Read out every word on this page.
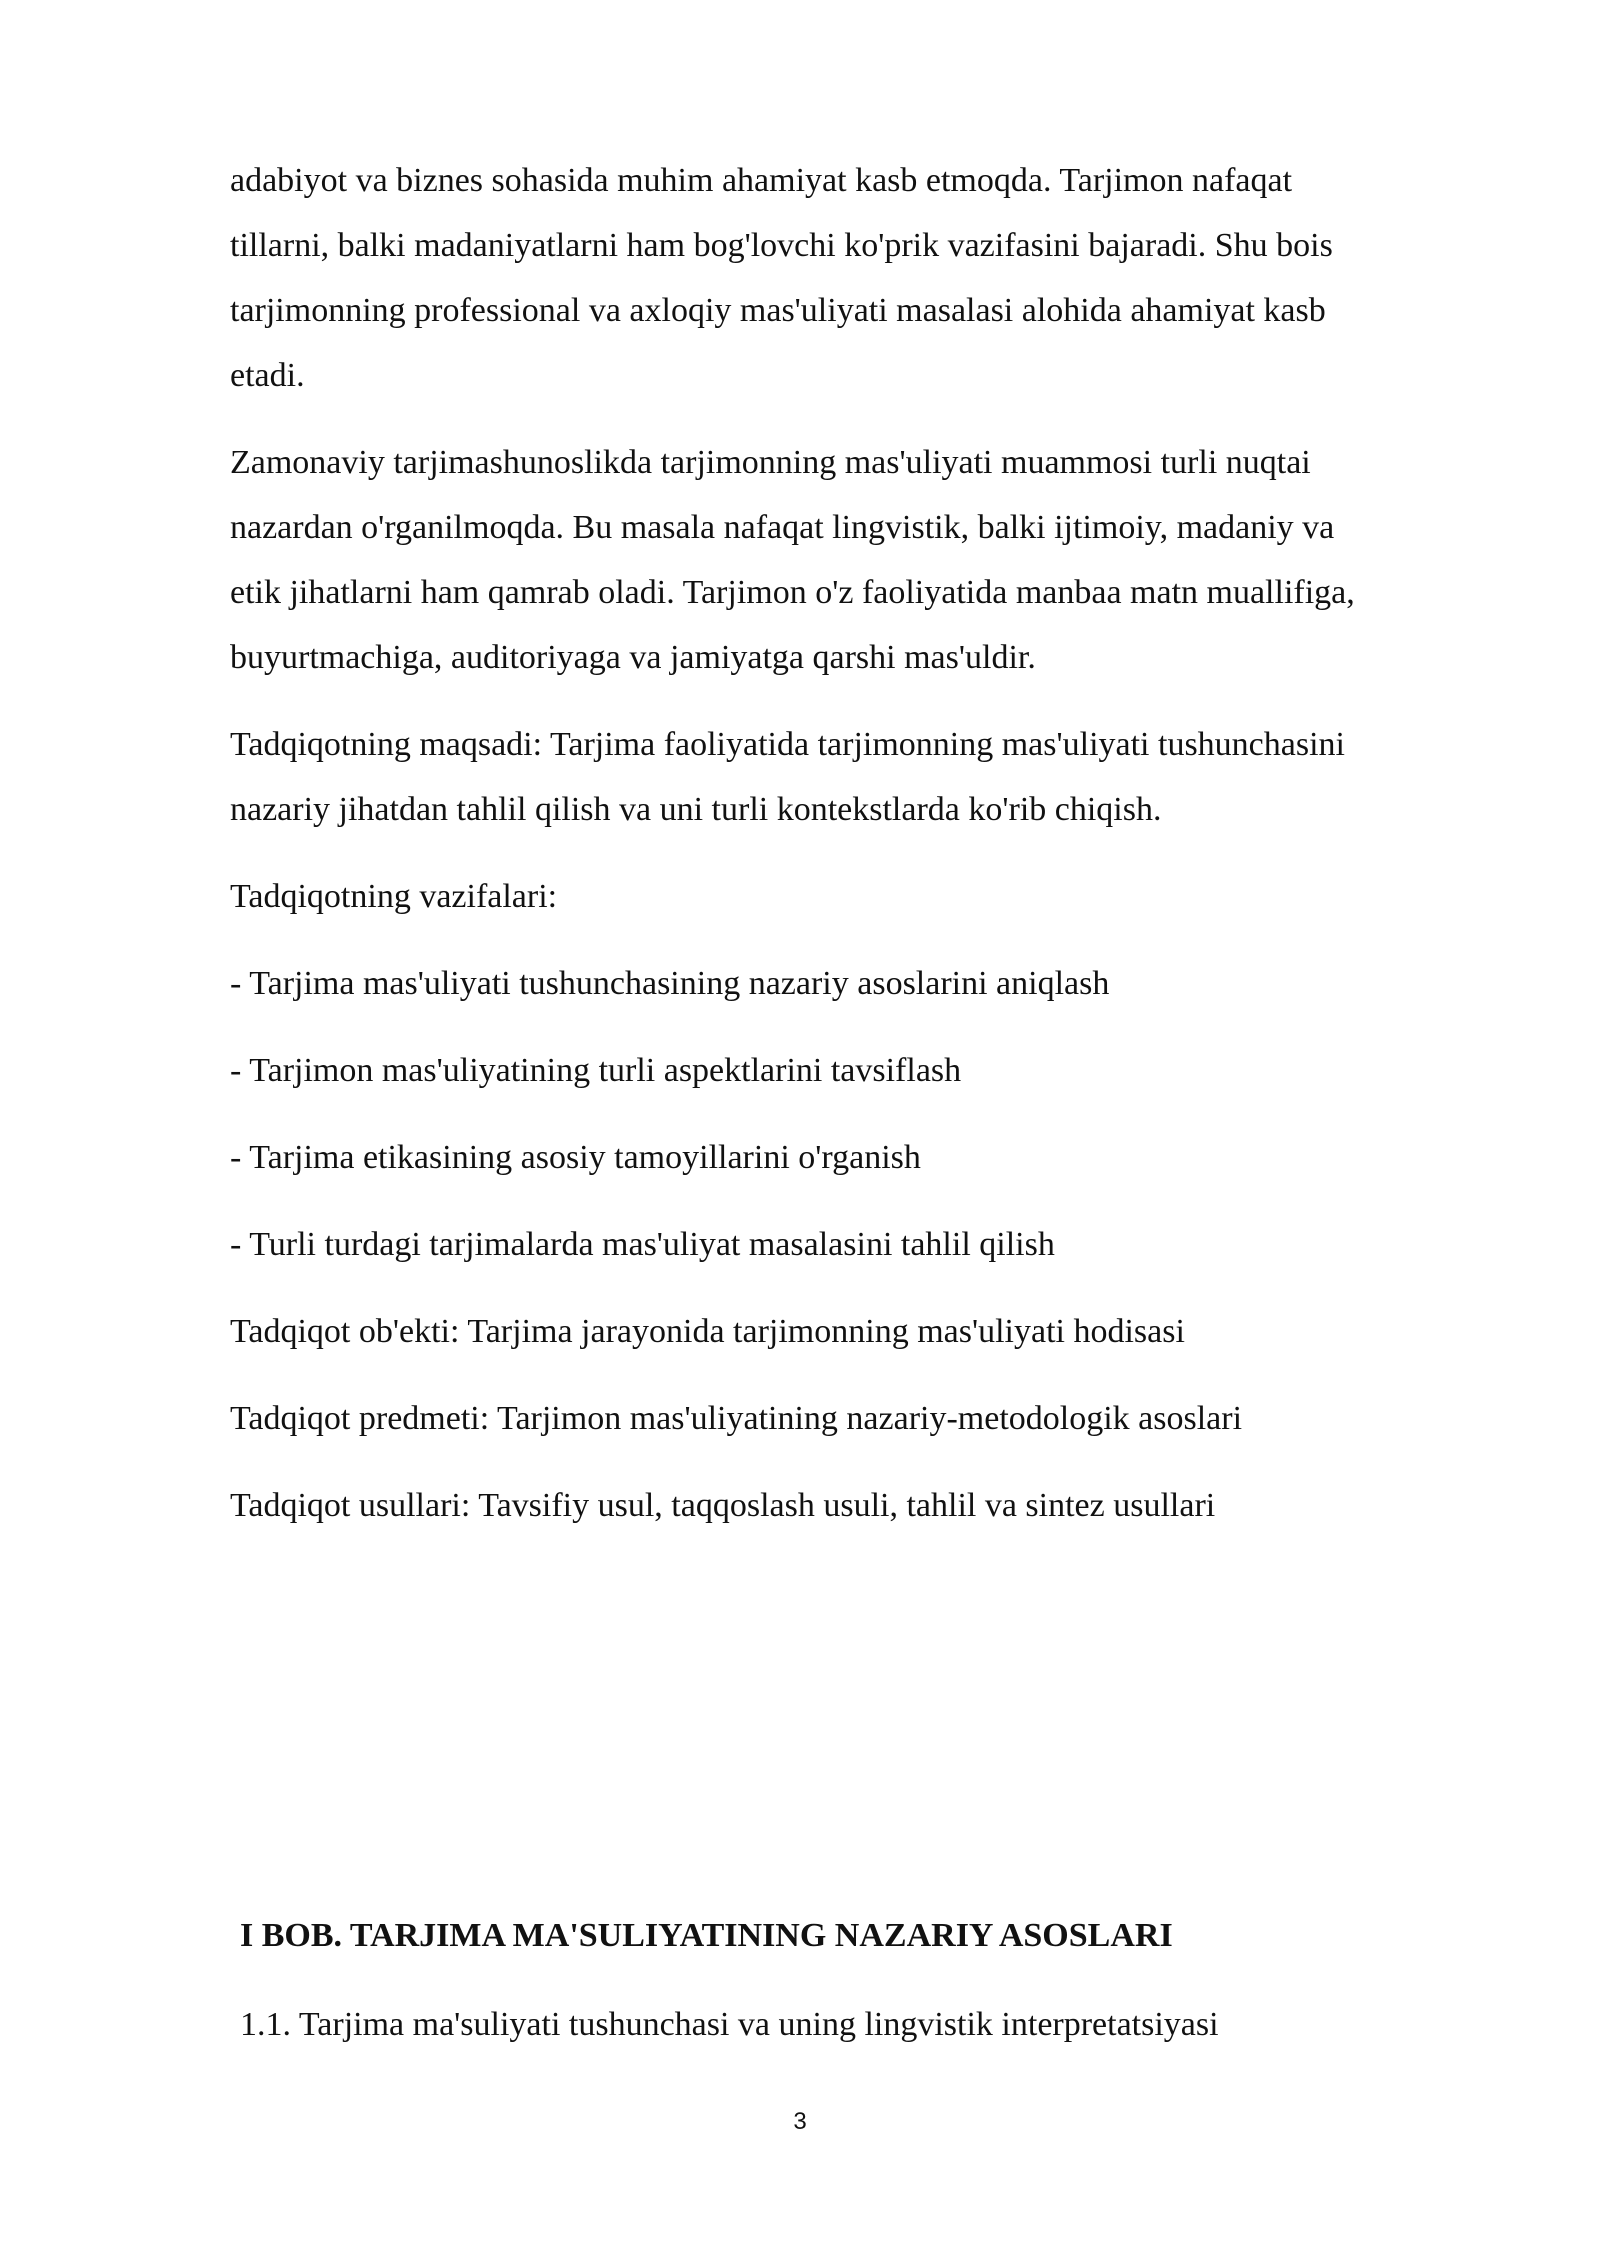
adabiyot va biznes sohasida muhim ahamiyat kasb etmoqda. Tarjimon nafaqat
tillarni, balki madaniyatlarni ham bog'lovchi ko'prik vazifasini bajaradi. Shu bois
tarjimonning professional va axloqiy mas'uliyati masalasi alohida ahamiyat kasb
etadi.

Zamonaviy tarjimashunoslikda tarjimonning mas'uliyati muammosi turli nuqtai
nazardan o'rganilmoqda. Bu masala nafaqat lingvistik, balki ijtimoiy, madaniy va
etik jihatlarni ham qamrab oladi. Tarjimon o'z faoliyatida manbaa matn muallifiga,
buyurtmachiga, auditoriyaga va jamiyatga qarshi mas'uldir.

Tadqiqotning maqsadi: Tarjima faoliyatida tarjimonning mas'uliyati tushunchasini
nazariy jihatdan tahlil qilish va uni turli kontekstlarda ko'rib chiqish.

Tadqiqotning vazifalari:

- Tarjima mas'uliyati tushunchasining nazariy asoslarini aniqlash

- Tarjimon mas'uliyatining turli aspektlarini tavsiflash

- Tarjima etikasining asosiy tamoyillarini o'rganish

- Turli turdagi tarjimalarda mas'uliyat masalasini tahlil qilish

Tadqiqot ob'ekti: Tarjima jarayonida tarjimonning mas'uliyati hodisasi

Tadqiqot predmeti: Tarjimon mas'uliyatining nazariy-metodologik asoslari

Tadqiqot usullari: Tavsifiy usul, taqqoslash usuli, tahlil va sintez usullari

I BOB. TARJIMA MA'SULIYATINING NAZARIY ASOSLARI
1.1. Tarjima ma'suliyati tushunchasi va uning lingvistik interpretatsiyasi
3
